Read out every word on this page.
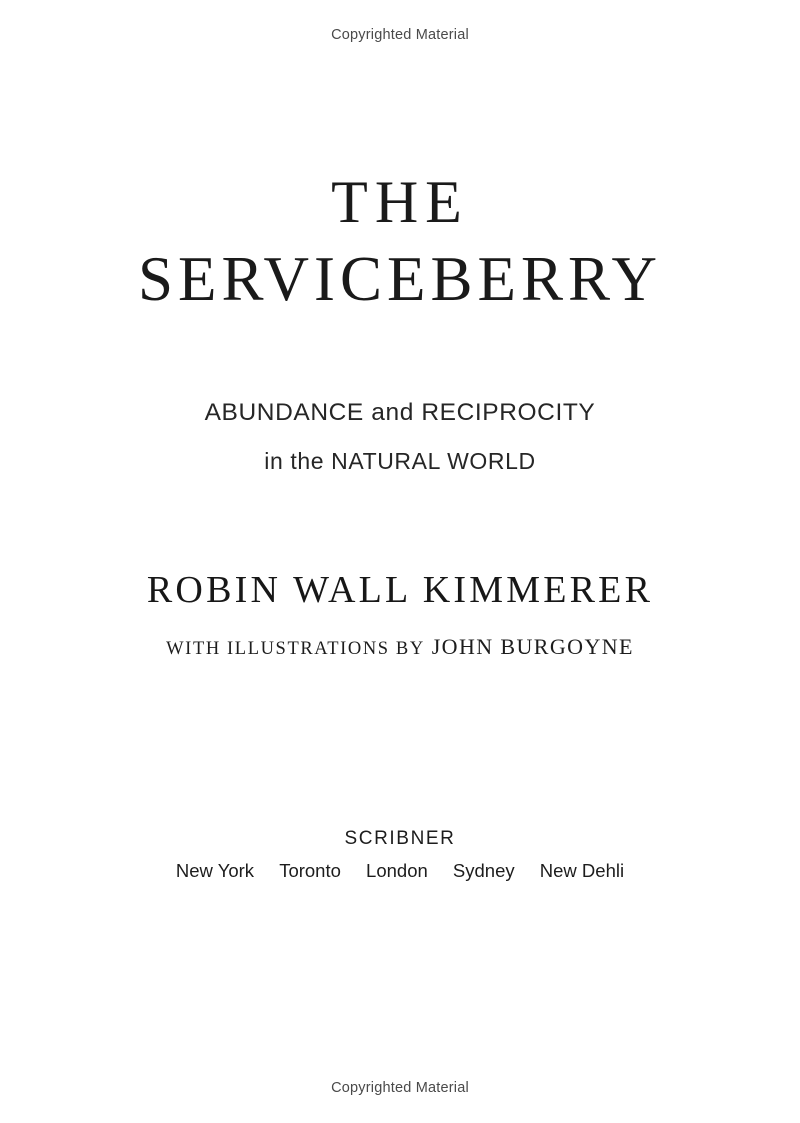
Copyrighted Material
THE
SERVICEBERRY
ABUNDANCE and RECIPROCITY
in the NATURAL WORLD
ROBIN WALL KIMMERER
WITH ILLUSTRATIONS BY JOHN BURGOYNE
SCRIBNER
New York Toronto London Sydney New Dehli
Copyrighted Material
